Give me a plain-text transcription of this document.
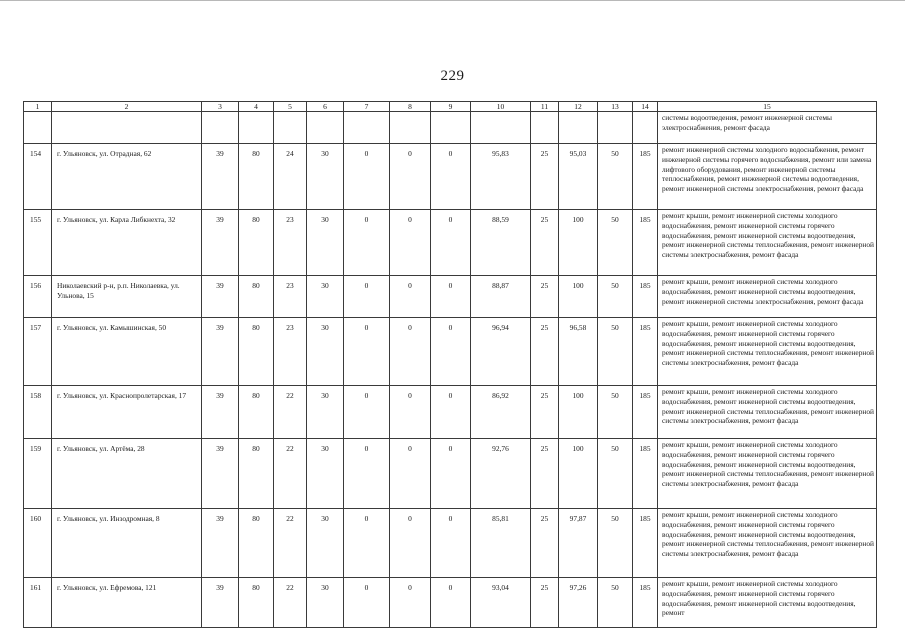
229
1	2	3	4	5	6	7	8	9	10	11	12	13	14	15
														системы водоотведения, ремонт инженерной системы электроснабжения, ремонт фасада
154	г. Ульяновск, ул. Отрадная, 62	39	80	24	30	0	0	0	95,83	25	95,03	50	185	ремонт инженерной системы холодного водоснабжения, ремонт инженерной системы горячего водоснабжения, ремонт или замена лифтового оборудования, ремонт инженерной системы теплоснабжения, ремонт инженерной системы водоотведения, ремонт инженерной системы электроснабжения, ремонт фасада
155	г. Ульяновск, ул. Карла Либкнехта, 32	39	80	23	30	0	0	0	88,59	25	100	50	185	ремонт крыши, ремонт инженерной системы холодного водоснабжения, ремонт инженерной системы горячего водоснабжения, ремонт инженерной системы водоотведения, ремонт инженерной системы теплоснабжения, ремонт инженерной системы электроснабжения, ремонт фасада
156	Николаевский р-н, р.п. Николаевка, ул. Ульнова, 15	39	80	23	30	0	0	0	88,87	25	100	50	185	ремонт крыши, ремонт инженерной системы холодного водоснабжения, ремонт инженерной системы водоотведения, ремонт инженерной системы электроснабжения, ремонт фасада
157	г. Ульяновск, ул. Камышинская, 50	39	80	23	30	0	0	0	96,94	25	96,58	50	185	ремонт крыши, ремонт инженерной системы холодного водоснабжения, ремонт инженерной системы горячего водоснабжения, ремонт инженерной системы водоотведения, ремонт инженерной системы теплоснабжения, ремонт инженерной системы электроснабжения, ремонт фасада
158	г. Ульяновск, ул. Краснопролетарская, 17	39	80	22	30	0	0	0	86,92	25	100	50	185	ремонт крыши, ремонт инженерной системы холодного водоснабжения, ремонт инженерной системы водоотведения, ремонт инженерной системы теплоснабжения, ремонт инженерной системы электроснабжения, ремонт фасада
159	г. Ульяновск, ул. Артёма, 28	39	80	22	30	0	0	0	92,76	25	100	50	185	ремонт крыши, ремонт инженерной системы холодного водоснабжения, ремонт инженерной системы горячего водоснабжения, ремонт инженерной системы водоотведения, ремонт инженерной системы теплоснабжения, ремонт инженерной системы электроснабжения, ремонт фасада
160	г. Ульяновск, ул. Инзодромная, 8	39	80	22	30	0	0	0	85,81	25	97,87	50	185	ремонт крыши, ремонт инженерной системы холодного водоснабжения, ремонт инженерной системы горячего водоснабжения, ремонт инженерной системы водоотведения, ремонт инженерной системы теплоснабжения, ремонт инженерной системы электроснабжения, ремонт фасада
161	г. Ульяновск, ул. Ефремова, 121	39	80	22	30	0	0	0	93,04	25	97,26	50	185	ремонт крыши, ремонт инженерной системы холодного водоснабжения, ремонт инженерной системы горячего водоснабжения, ремонт инженерной системы водоотведения, ремонт
